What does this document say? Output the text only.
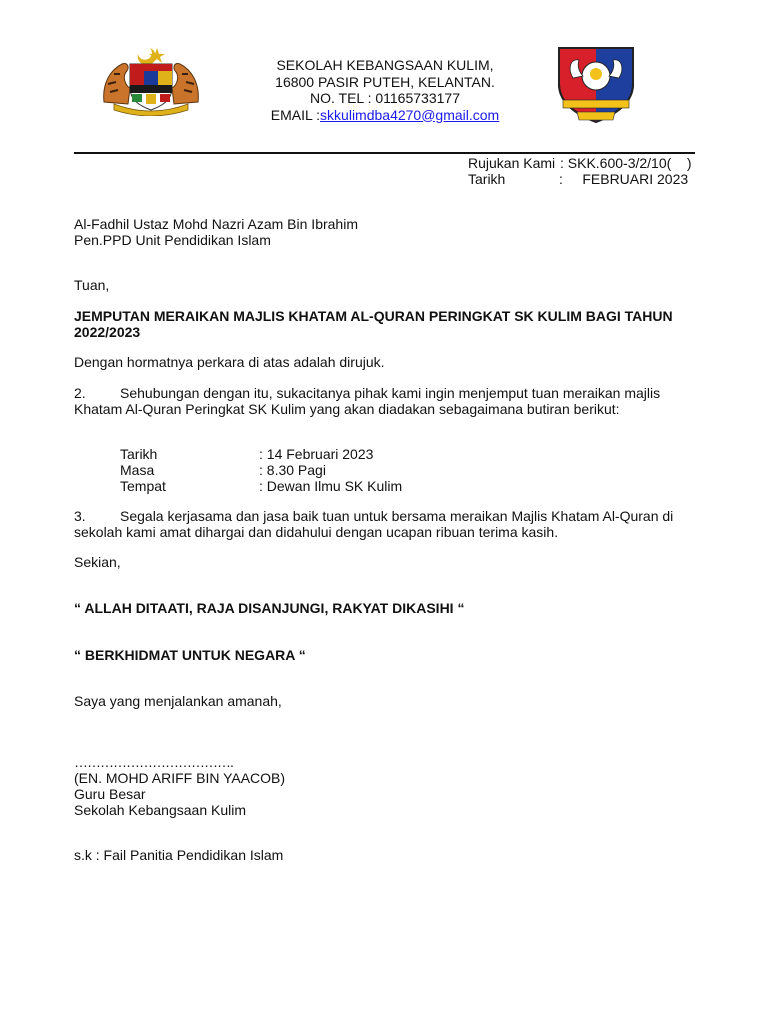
SEKOLAH KEBANGSAAN KULIM,
16800 PASIR PUTEH, KELANTAN.
NO. TEL : 01165733177
EMAIL :skkulimdba4270@gmail.com
Rujukan Kami : SKK.600-3/2/10(    )
Tarikh	:     FEBRUARI 2023
Al-Fadhil Ustaz Mohd Nazri Azam Bin Ibrahim
Pen.PPD Unit Pendidikan Islam
Tuan,
JEMPUTAN MERAIKAN MAJLIS KHATAM AL-QURAN PERINGKAT SK KULIM BAGI TAHUN
2022/2023
Dengan hormatnya perkara di atas adalah dirujuk.
2.	Sehubungan dengan itu, sukacitanya pihak kami ingin menjemput tuan meraikan majlis
Khatam Al-Quran Peringkat SK Kulim yang akan diadakan sebagaimana butiran berikut:
Tarikh	: 14 Februari 2023
Masa	: 8.30 Pagi
Tempat	: Dewan Ilmu SK Kulim
3.	Segala kerjasama dan jasa baik tuan untuk bersama meraikan Majlis Khatam Al-Quran di
sekolah kami amat dihargai dan didahului dengan ucapan ribuan terima kasih.
Sekian,
“ ALLAH DITAATI, RAJA DISANJUNGI, RAKYAT DIKASIHI “
“ BERKHIDMAT UNTUK NEGARA “
Saya yang menjalankan amanah,
……………………………….
(EN. MOHD ARIFF BIN YAACOB)
Guru Besar
Sekolah Kebangsaan Kulim
s.k : Fail Panitia Pendidikan Islam
